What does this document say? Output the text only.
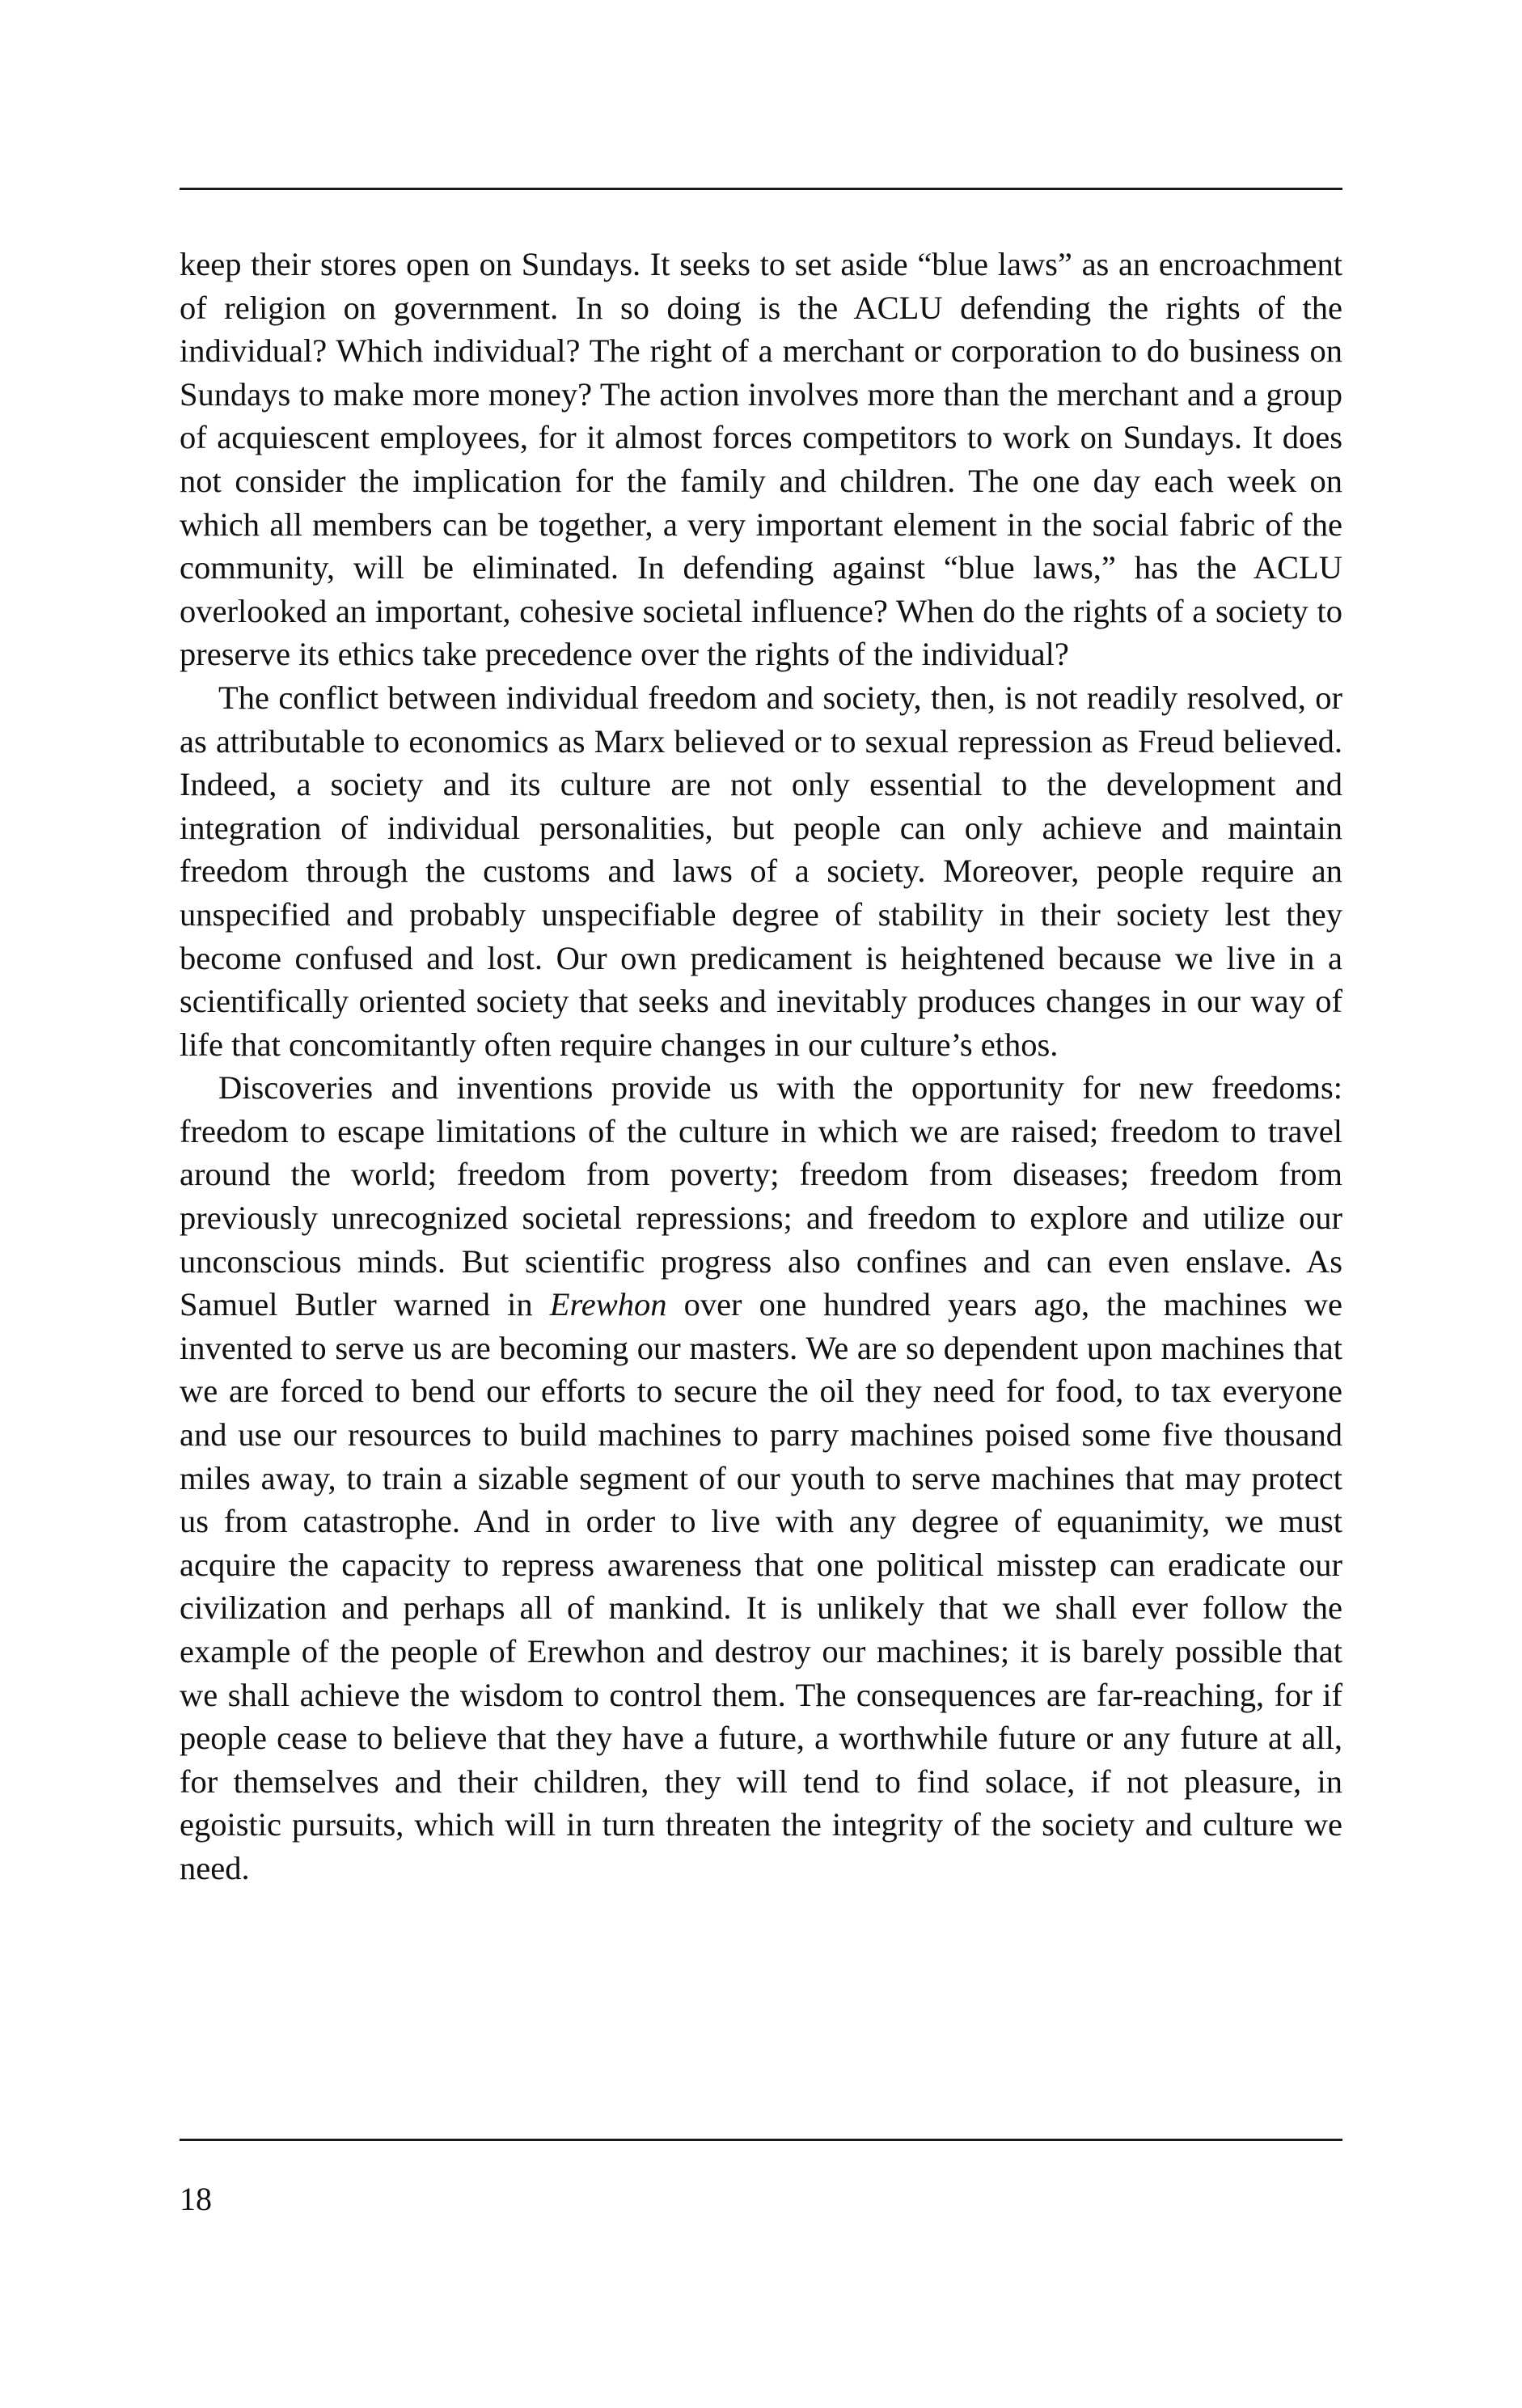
keep their stores open on Sundays. It seeks to set aside “blue laws” as an encroachment of religion on government. In so doing is the ACLU defending the rights of the individual? Which individual? The right of a merchant or corporation to do business on Sundays to make more money? The action involves more than the merchant and a group of acquiescent employees, for it almost forces competitors to work on Sundays. It does not consider the implication for the family and children. The one day each week on which all members can be together, a very important element in the social fabric of the community, will be eliminated. In defending against “blue laws,” has the ACLU overlooked an important, cohesive societal influence? When do the rights of a society to preserve its ethics take precedence over the rights of the individual?

The conflict between individual freedom and society, then, is not readily resolved, or as attributable to economics as Marx believed or to sexual repression as Freud believed. Indeed, a society and its culture are not only essential to the development and integration of individual personalities, but people can only achieve and maintain freedom through the customs and laws of a society. Moreover, people require an unspecified and probably unspecifiable degree of stability in their society lest they become confused and lost. Our own predicament is heightened because we live in a scientifically oriented society that seeks and inevitably produces changes in our way of life that concomitantly often require changes in our culture’s ethos.

Discoveries and inventions provide us with the opportunity for new freedoms: freedom to escape limitations of the culture in which we are raised; freedom to travel around the world; freedom from poverty; freedom from diseases; freedom from previously unrecognized societal repressions; and freedom to explore and utilize our unconscious minds. But scientific progress also confines and can even enslave. As Samuel Butler warned in Erewhon over one hundred years ago, the machines we invented to serve us are becoming our masters. We are so dependent upon machines that we are forced to bend our efforts to secure the oil they need for food, to tax everyone and use our resources to build machines to parry machines poised some five thousand miles away, to train a sizable segment of our youth to serve machines that may protect us from catastrophe. And in order to live with any degree of equanimity, we must acquire the capacity to repress awareness that one political misstep can eradicate our civilization and perhaps all of mankind. It is unlikely that we shall ever follow the example of the people of Erewhon and destroy our machines; it is barely possible that we shall achieve the wisdom to control them. The consequences are far-reaching, for if people cease to believe that they have a future, a worthwhile future or any future at all, for themselves and their children, they will tend to find solace, if not pleasure, in egoistic pursuits, which will in turn threaten the integrity of the society and culture we need.

18
